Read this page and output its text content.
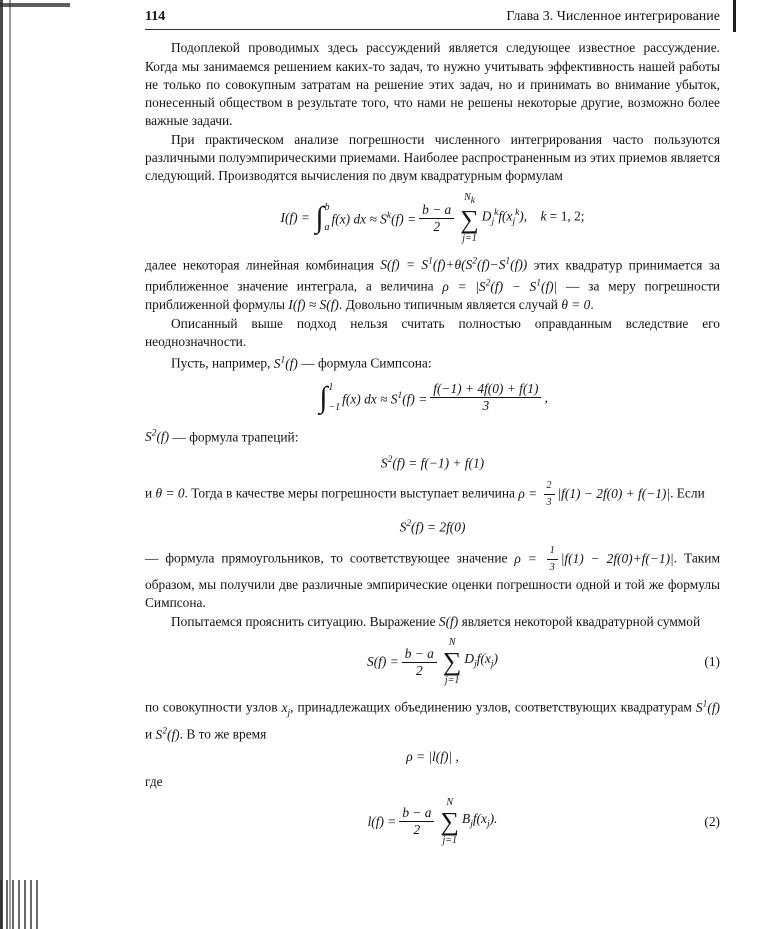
114	Глава 3. Численное интегрирование

Подоплекой проводимых здесь рассуждений является следующее известное рассуждение. Когда мы занимаемся решением каких-то задач, то нужно учитывать эффективность нашей работы не только по совокупным затратам на решение этих задач, но и принимать во внимание убыток, понесенный обществом в результате того, что нами не решены некоторые другие, возможно более важные задачи.

При практическом анализе погрешности численного интегрирования часто пользуются различными полуэмпирическими приемами. Наиболее распространенным из этих приемов является следующий. Производятся вычисления по двум квадратурным формулам

I(f) = ∫ b
a
f(x) dx ≈ $S^k(f) = \frac{b - a}{2}$
$N_k$
∑
j=1
$D_j^kf(x_j^k)$,    k = 1, 2;

далее некоторая линейная комбинация $S(f) = S^1(f)+\theta(S^2(f)-S^1(f))$ этих квадратур принимается за приближенное значение интеграла, а величина $\rho = |S^2(f) - S^1(f)|$ — за меру погрешности приближенной формулы I(f) ≈ S(f). Довольно типичным является случай θ = 0.

Описанный выше подход нельзя считать полностью оправданным вследствие его неоднозначности.

Пусть, например, $S^1(f)$ — формула Симпсона:

∫ 1
−1
f(x) dx ≈ $S^1(f) = \frac{f(-1) + 4f(0) + f(1)}{3}$ ,

$S^2(f)$ — формула трапеций:

$S^2(f) = f(-1) + f(1)$

и θ = 0. Тогда в качестве меры погрешности выступает величина $\rho = \frac{2}{3} |f(1) - 2f(0) + f(-1)|$. Если

$S^2(f) = 2f(0)$

— формула прямоугольников, то соответствующее значение $\rho = \frac{1}{3} |f(1) - 2f(0)+f(-1)|$. Таким образом, мы получили две различные эмпирические оценки погрешности одной и той же формулы Симпсона.

Попытаемся прояснить ситуацию. Выражение S(f) является некоторой квадратурной суммой

$S(f) = \frac{b - a}{2}$
N
∑
j=1
$D_jf(x_j)$	(1)

по совокупности узлов $x_j$, принадлежащих объединению узлов, соответствующих квадратурам $S^1(f)$ и $S^2(f)$. В то же время

ρ = |l(f)| ,

где

$l(f) = \frac{b - a}{2}$
N
∑
j=1
$B_jf(x_j)$.	(2)
